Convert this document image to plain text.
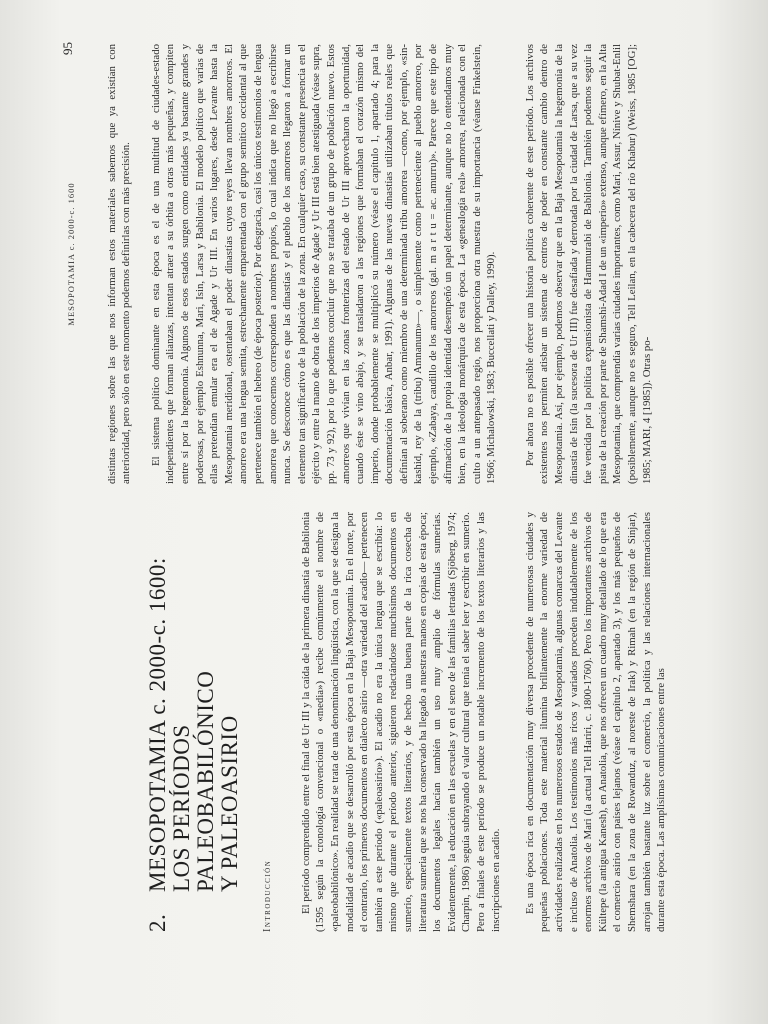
2.
MESOPOTAMIA c. 2000-c. 1600: LOS PERÍODOS PALEOBABILÓNICO Y PALEOASIRIO
Introducción El período comprendido entre el final de Ur III y la caída de la primera dinastía de Babilonia (1595 según la cronología convencional o «media») recibe comúnmente el nombre de «paleobabilónico». En realidad se trata de una denominación lingüística, con la que se designa la modalidad de acadio que se desarrolló por esta época en la Baja Mesopotamia. En el norte, por el contrario, los primeros documentos en dialecto asirio —otra variedad del acadio— pertenecen también a este período («paleoasirio»). El acadio no era la única lengua que se escribía: lo mismo que durante el período anterior, siguieron redactándose muchísimos documentos en sumerio, especialmente textos literarios, y de hecho una buena parte de la rica cosecha de literatura sumeria que se nos ha conservado ha llegado a nuestras manos en copias de esta época; los documentos legales hacían también un uso muy amplio de fórmulas sumerias. Evidentemente, la educación en las escuelas y en el seno de las familias letradas (Sjöberg, 1974; Charpin, 1986) seguía subrayando el valor cultural que tenía el saber leer y escribir en sumerio. Pero a finales de este período se produce un notable incremento de los textos literarios y las inscripciones en acadio. Es una época rica en documentación muy diversa procedente de numerosas ciudades y pequeñas poblaciones. Toda este material ilumina brillantemente la enorme variedad de actividades realizadas en los numerosos estados de Mesopotamia, algunas comarcas del Levante e incluso de Anatolia. Los testimonios más ricos y variados proceden indudablemente de los enormes archivos de Mari (la actual Tell Hariri, c. 1800-1760). Pero los importantes archivos de Kültepe (la antigua Kanesh), en Anatolia, que nos ofrecen un cuadro muy detallado de lo que era el comercio asirio con países lejanos (véase el capítulo 2, apartado 3), y los más pequeños de Shemshara (en la zona de Rowanduz, al noreste de Irak) y Rimah (en la región de Sinjar), arrojan también bastante luz sobre el comercio, la política y las relaciones internacionales durante esta época. Las amplísimas comunicaciones entre las

MESOPOTAMIA c. 2000-c. 1600
95	distintas regiones sobre las que nos informan estos materiales sabemos que ya existían con anterioridad, pero sólo en este momento podemos definirlas con más precisión. El sistema político dominante en esta época es el de una multitud de ciudades-estado independientes que forman alianzas, intentan atraer a su órbita a otras más pequeñas, y compiten entre sí por la hegemonía. Algunos de esos estados surgen como entidades ya bastante grandes y poderosas, por ejemplo Eshnunna, Mari, Isin, Larsa y Babilonia. El modelo político que varias de ellas pretendían emular era el de Agade y Ur III. En varios lugares, desde Levante hasta la Mesopotamia meridional, ostentaban el poder dinastías cuyos reyes llevan nombres amorreos. El amorreo era una lengua semita, estrechamente emparentada con el grupo semítico occidental al que pertenece también el hebreo (de época posterior). Por desgracia, casi los únicos testimonios de lengua amorrea que conocemos corresponden a nombres propios, lo cual indica que no llegó a escribirse nunca. Se desconoce cómo es que las dinastías y el pueblo de los amorreos llegaron a formar un elemento tan significativo de la población de la zona. En cualquier caso, su constante presencia en el ejército y entre la mano de obra de los imperios de Agade y Ur III está bien atestiguada (véase supra, pp. 73 y 92), por lo que podemos concluir que no se trataba de un grupo de población nuevo. Estos amorreos que vivían en las zonas fronterizas del estado de Ur III aprovecharon la oportunidad, cuando éste se vino abajo, y se trasladaron a las regiones que formaban el corazón mismo del imperio, donde probablemente se multiplicó su número (véase el capítulo 1, apartado 4; para la documentación básica, Anbar, 1991). Algunas de las nuevas dinastías utilizaban títulos reales que definían al soberano como miembro de una determinada tribu amorrea —como, por ejemplo, «sin-kashid, rey de la (tribu) Amnanum»—, o simplemente como perteneciente al pueblo amorreo, por ejemplo, «Zabaya, caudillo de los amorreos (gal. m a r t u = ac. amurru)». Parece que este tipo de afirmación de la propia identidad desempeñó un papel determinante, aunque no lo entendamos muy bien, en la ideología monárquica de esta época. La «genealogía real» amorrea, relacionada con el culto a un antepasado regio, nos proporciona otra muestra de su importancia (véanse Finkelstein, 1966; Michalowski, 1983; Buccellati y Dalley, 1990). Por ahora no es posible ofrecer una historia política coherente de este período. Los archivos existentes nos permiten atisbar un sistema de centros de poder en constante cambio dentro de Mesopotamia. Así, por ejemplo, podemos observar que en la Baja Mesopotamia la hegemonía de la dinastía de Isin (la sucesora de Ur III) fue desafiada y derrotada por la ciudad de Larsa, que a su vez fue vencida por la política expansionista de Hammurabi de Babilonia. También podemos seguir la pista de la creación por parte de Shamshi-Adad I de un «imperio» extenso, aunque efímero, en la Alta Mesopotamia, que comprendía varias ciudades importantes, como Mari, Assur, Nínive y Shubat-Enlil (posiblemente, aunque no es seguro, Tell Leilan, en la cabecera del río Khabur) (Weiss, 1985 [OG]; 1985; MARI, 4 [1985]). Otras po-
